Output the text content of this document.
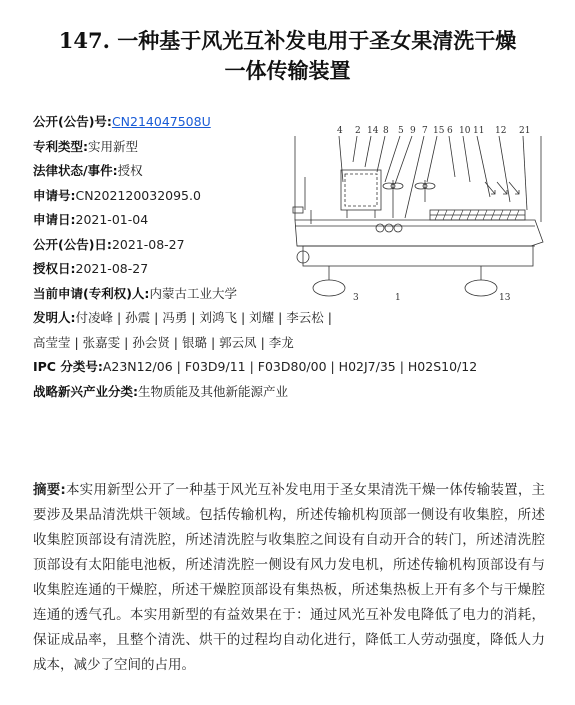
147. 一种基于风光互补发电用于圣女果清洗干燥
一体传输装置
公开(公告)号:CN214047508U
专利类型:实用新型
法律状态/事件:授权
申请号:CN202120032095.0
申请日:2021-01-04
公开(公告)日:2021-08-27
授权日:2021-08-27
当前申请(专利权)人:内蒙古工业大学
发明人:付凌峰 | 孙震 | 冯勇 | 刘鸿飞 | 刘耀 | 李云松 |
高莹莹 | 张嘉雯 | 孙会贤 | 银璐 | 郭云凤 | 李龙
IPC 分类号:A23N12/06 | F03D9/11 | F03D80/00 | H02J7/35 | H02S10/12
战略新兴产业分类:生物质能及其他新能源产业
4 2 14 8 5 9 7 15 6 10 11 12 21
3	1	13
摘要:本实用新型公开了一种基于风光互补发电用于圣女果清洗干燥一体传输装置，主要涉及果品清洗烘干领域。包括传输机构，所述传输机构顶部一侧设有收集腔，所述收集腔顶部设有清洗腔，所述清洗腔与收集腔之间设有自动开合的转门，所述清洗腔顶部设有太阳能电池板，所述清洗腔一侧设有风力发电机，所述传输机构顶部设有与收集腔连通的干燥腔，所述干燥腔顶部设有集热板，所述集热板上开有多个与干燥腔连通的透气孔。本实用新型的有益效果在于：通过风光互补发电降低了电力的消耗，保证成品率，且整个清洗、烘干的过程均自动化进行，降低工人劳动强度，降低人力成本，减少了空间的占用。
